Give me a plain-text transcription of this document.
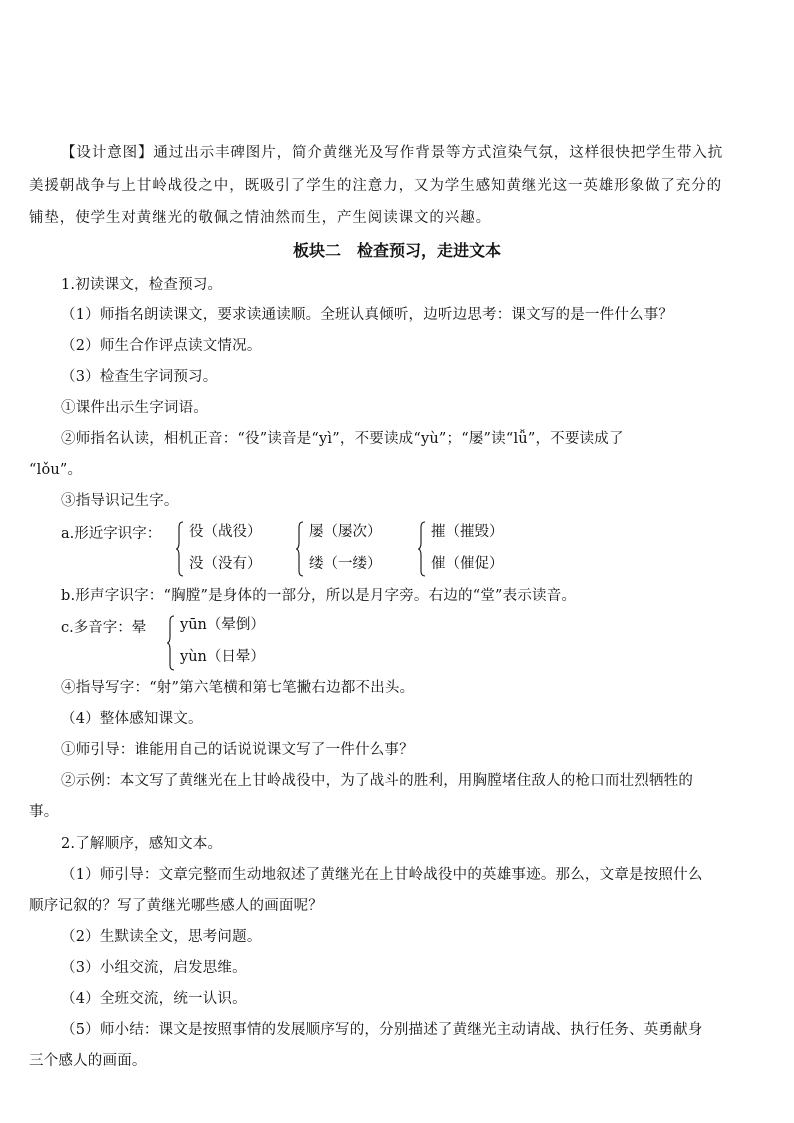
【设计意图】通过出示丰碑图片，简介黄继光及写作背景等方式渲染气氛，这样很快把学生带入抗
美援朝战争与上甘岭战役之中，既吸引了学生的注意力，又为学生感知黄继光这一英雄形象做了充分的
铺垫，使学生对黄继光的敬佩之情油然而生，产生阅读课文的兴趣。
板块二　检查预习，走进文本
1.初读课文，检查预习。
（1）师指名朗读课文，要求读通读顺。全班认真倾听，边听边思考：课文写的是一件什么事？
（2）师生合作评点读文情况。
（3）检查生字词预习。
①课件出示生字词语。
②师指名认读，相机正音：“役”读音是“yì”，不要读成“yù”；“屡”读“lǚ”，不要读成了
“lǒu”。
③指导识记生字。
a.形近字识字： 役（战役）
没（没有）
屡（屡次）
缕（一缕）
摧（摧毁）
催（催促）
b.形声字识字：“胸膛”是身体的一部分，所以是月字旁。右边的“堂”表示读音。
c.多音字：晕 yūn（晕倒）
yùn（日晕）
④指导写字：“射”第六笔横和第七笔撇右边都不出头。
（4）整体感知课文。
①师引导：谁能用自己的话说说课文写了一件什么事？
②示例：本文写了黄继光在上甘岭战役中，为了战斗的胜利，用胸膛堵住敌人的枪口而壮烈牺牲的
事。
2.了解顺序，感知文本。
（1）师引导：文章完整而生动地叙述了黄继光在上甘岭战役中的英雄事迹。那么，文章是按照什么
顺序记叙的？写了黄继光哪些感人的画面呢？
（2）生默读全文，思考问题。
（3）小组交流，启发思维。
（4）全班交流，统一认识。
（5）师小结：课文是按照事情的发展顺序写的，分别描述了黄继光主动请战、执行任务、英勇献身
三个感人的画面。
